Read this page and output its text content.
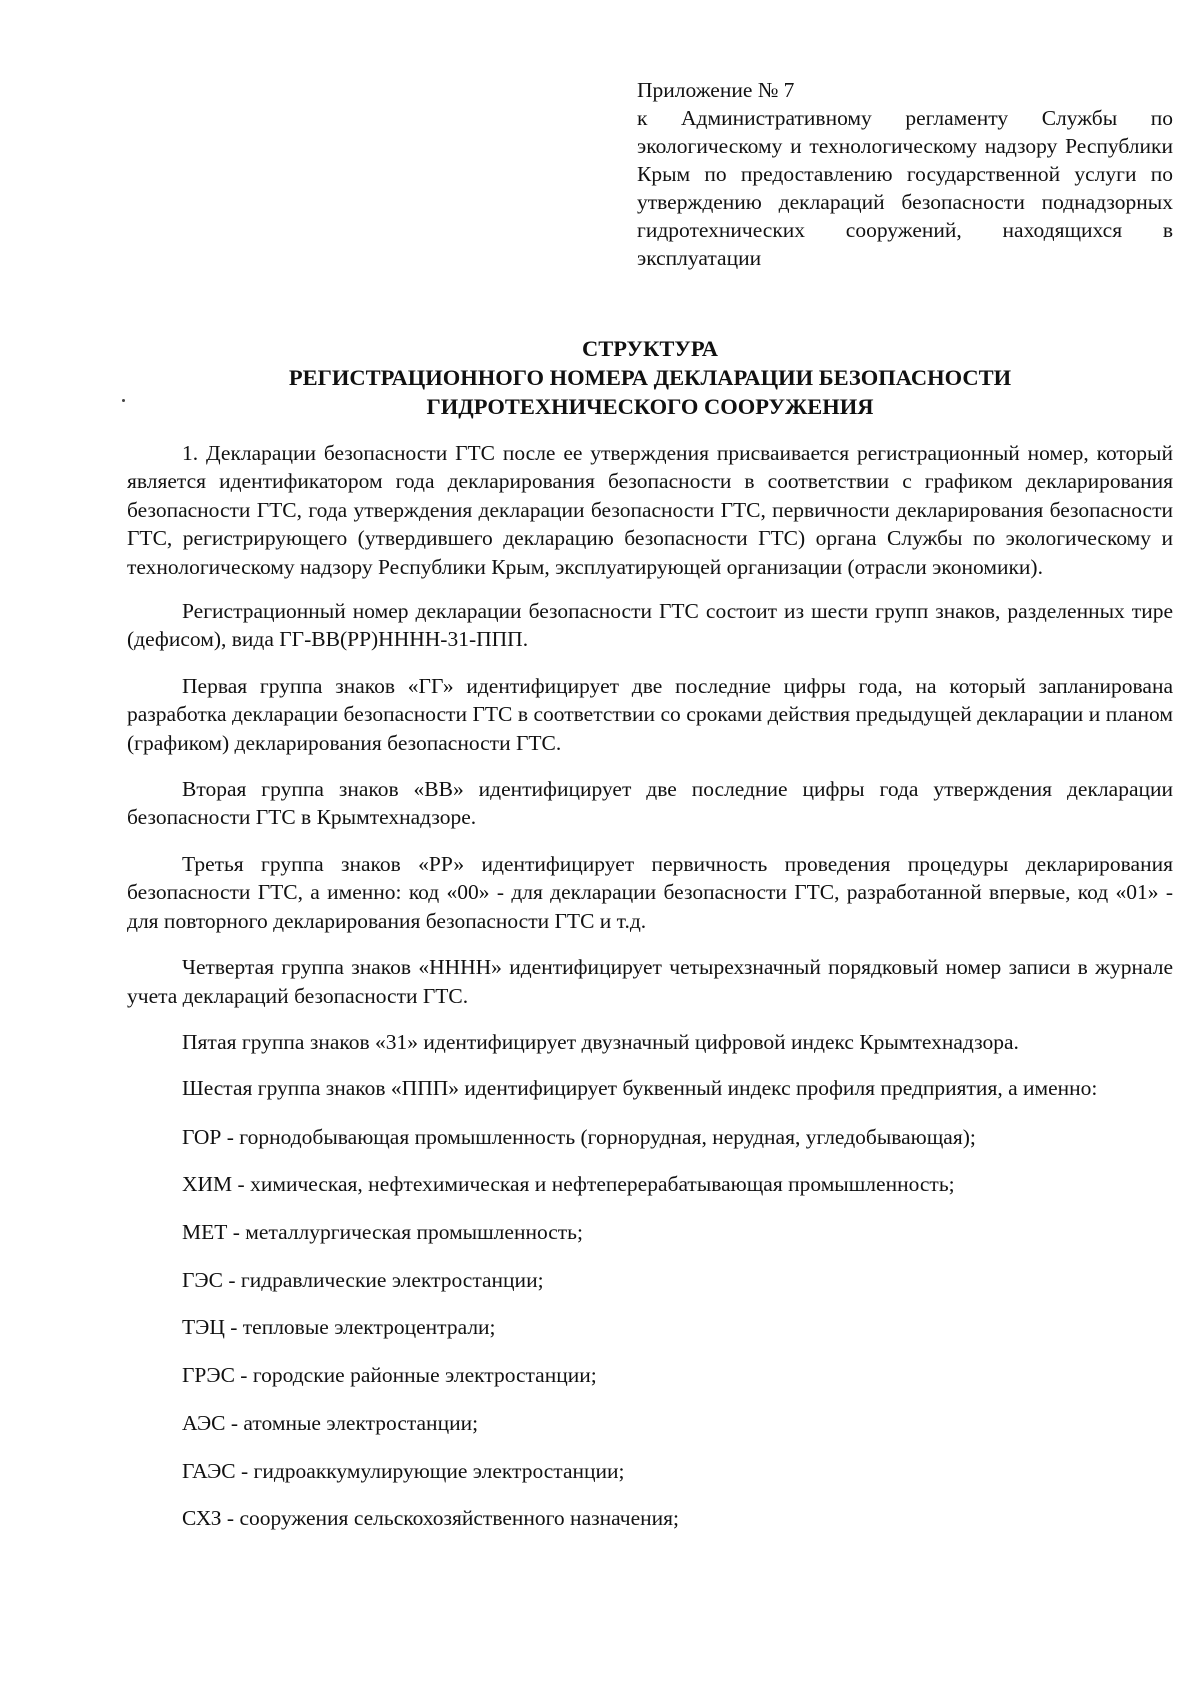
Приложение № 7
к Административному регламенту Службы по экологическому и технологическому надзору Республики Крым по предоставлению государственной услуги по утверждению деклараций безопасности поднадзорных гидротехнических сооружений, находящихся в эксплуатации
СТРУКТУРА
РЕГИСТРАЦИОННОГО НОМЕРА ДЕКЛАРАЦИИ БЕЗОПАСНОСТИ
ГИДРОТЕХНИЧЕСКОГО СООРУЖЕНИЯ

1. Декларации безопасности ГТС после ее утверждения присваивается регистрационный номер, который является идентификатором года декларирования безопасности в соответствии с графиком декларирования безопасности ГТС, года утверждения декларации безопасности ГТС, первичности декларирования безопасности ГТС, регистрирующего (утвердившего декларацию безопасности ГТС) органа Службы по экологическому и технологическому надзору Республики Крым, эксплуатирующей организации (отрасли экономики).

Регистрационный номер декларации безопасности ГТС состоит из шести групп знаков, разделенных тире (дефисом), вида ГГ-ВВ(РР)НННН-31-ППП.

Первая группа знаков «ГГ» идентифицирует две последние цифры года, на который запланирована разработка декларации безопасности ГТС в соответствии со сроками действия предыдущей декларации и планом (графиком) декларирования безопасности ГТС.

Вторая группа знаков «ВВ» идентифицирует две последние цифры года утверждения декларации безопасности ГТС в Крымтехнадзоре.

Третья группа знаков «РР» идентифицирует первичность проведения процедуры декларирования безопасности ГТС, а именно: код «00» - для декларации безопасности ГТС, разработанной впервые, код «01» - для повторного декларирования безопасности ГТС и т.д.

Четвертая группа знаков «НННН» идентифицирует четырехзначный порядковый номер записи в журнале учета деклараций безопасности ГТС.

Пятая группа знаков «31» идентифицирует двузначный цифровой индекс Крымтехнадзора.

Шестая группа знаков «ППП» идентифицирует буквенный индекс профиля предприятия, а именно:

ГОР - горнодобывающая промышленность (горнорудная, нерудная, угледобывающая);
ХИМ - химическая, нефтехимическая и нефтеперерабатывающая промышленность;
МЕТ - металлургическая промышленность;
ГЭС - гидравлические электростанции;
ТЭЦ - тепловые электроцентрали;
ГРЭС - городские районные электростанции;
АЭС - атомные электростанции;
ГАЭС - гидроаккумулирующие электростанции;
СХЗ - сооружения сельскохозяйственного назначения;
